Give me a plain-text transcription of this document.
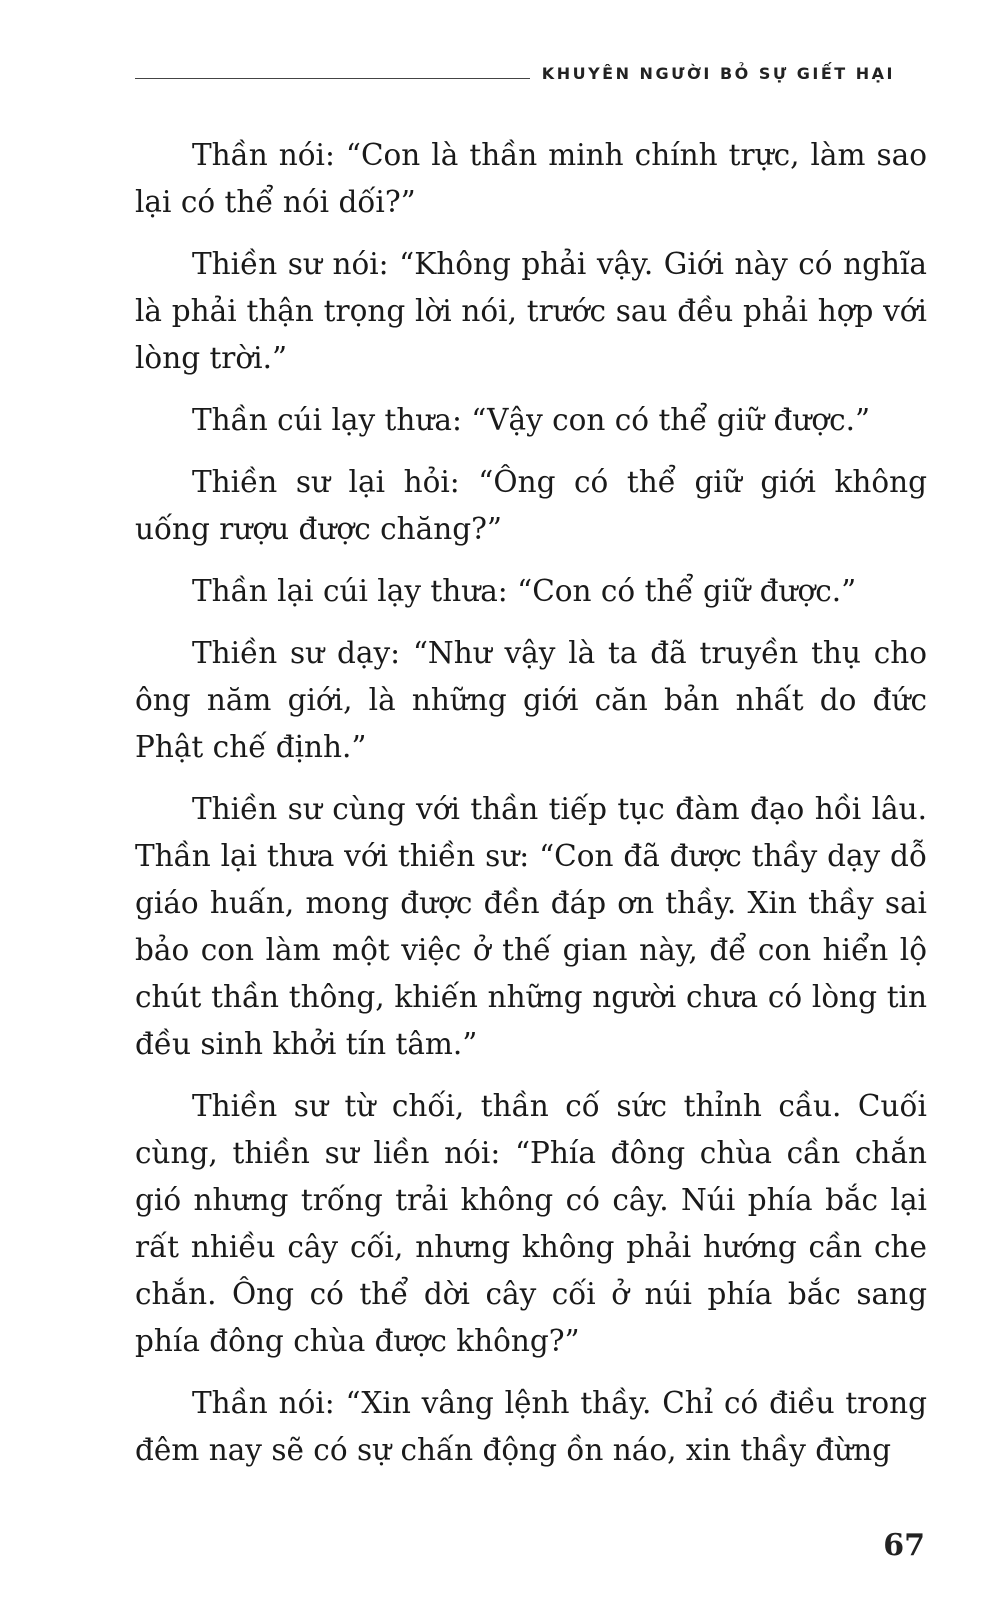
KHUYÊN NGƯỜI BỎ SỰ GIẾT HẠI

Thần nói: “Con là thần minh chính trực, làm sao lại có thể nói dối?”

Thiền sư nói: “Không phải vậy. Giới này có nghĩa là phải thận trọng lời nói, trước sau đều phải hợp với lòng trời.”

Thần cúi lạy thưa: “Vậy con có thể giữ được.”

Thiền sư lại hỏi: “Ông có thể giữ giới không uống rượu được chăng?”

Thần lại cúi lạy thưa: “Con có thể giữ được.”

Thiền sư dạy: “Như vậy là ta đã truyền thụ cho ông năm giới, là những giới căn bản nhất do đức Phật chế định.”

Thiền sư cùng với thần tiếp tục đàm đạo hồi lâu. Thần lại thưa với thiền sư: “Con đã được thầy dạy dỗ giáo huấn, mong được đền đáp ơn thầy. Xin thầy sai bảo con làm một việc ở thế gian này, để con hiển lộ chút thần thông, khiến những người chưa có lòng tin đều sinh khởi tín tâm.”

Thiền sư từ chối, thần cố sức thỉnh cầu. Cuối cùng, thiền sư liền nói: “Phía đông chùa cần chắn gió nhưng trống trải không có cây. Núi phía bắc lại rất nhiều cây cối, nhưng không phải hướng cần che chắn. Ông có thể dời cây cối ở núi phía bắc sang phía đông chùa được không?”

Thần nói: “Xin vâng lệnh thầy. Chỉ có điều trong đêm nay sẽ có sự chấn động ồn náo, xin thầy đừng

67
